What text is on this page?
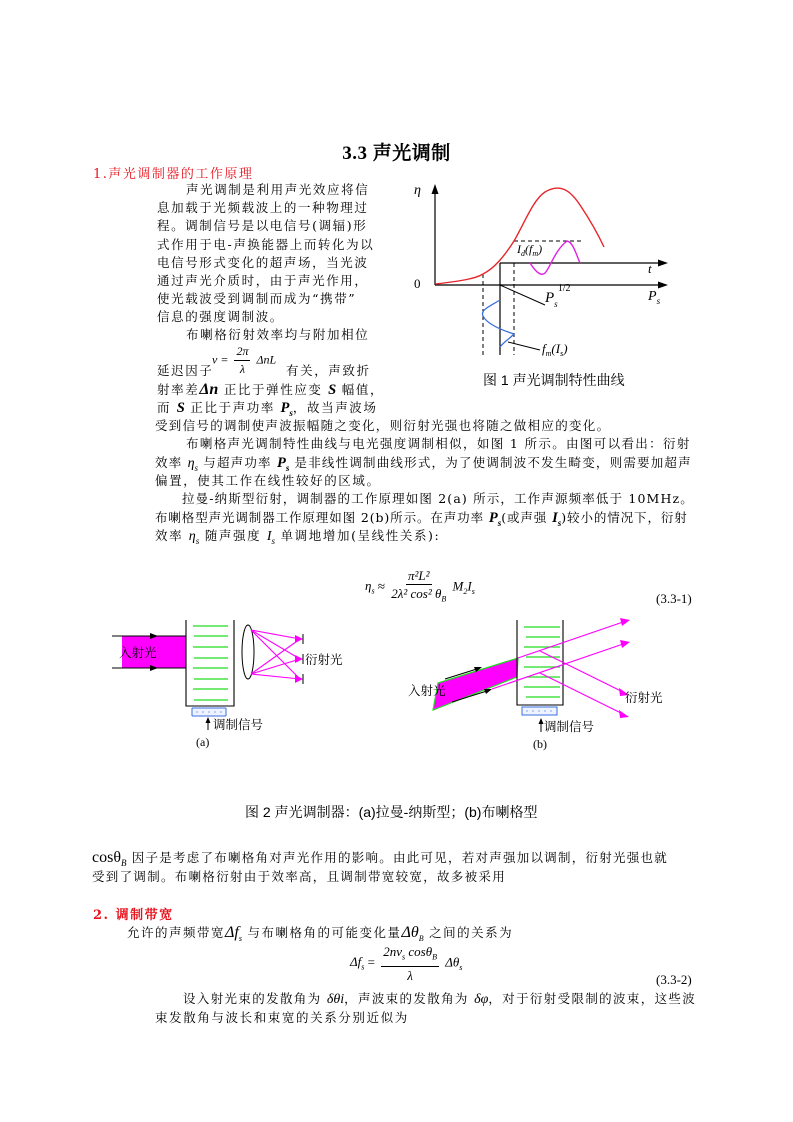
3.3 声光调制
1.声光调制器的工作原理
声光调制是利用声光效应将信
息加载于光频载波上的一种物理过
程。调制信号是以电信号(调辐)形
式作用于电-声换能器上而转化为以
电信号形式变化的超声场，当光波
通过声光介质时，由于声光作用，
使光载波受到调制而成为“携带”
信息的强度调制波。
布喇格衍射效率均与附加相位
延迟因子
$v = \frac{2\pi}{\lambda}$ ΔnL
有关，声致折
射率差Δn 正比于弹性应变 S 幅值，
而 S 正比于声功率 $P_s$，故当声波场
受到信号的调制使声波振幅随之变化，则衍射光强也将随之做相应的变化。
布喇格声光调制特性曲线与电光强度调制相似，如图 1 所示。由图可以看出：衍射
效率 $\eta_s$ 与超声功率 $P_s$ 是非线性调制曲线形式，为了使调制波不发生畸变，则需要加超声
偏置，使其工作在线性较好的区域。
拉曼-纳斯型衍射，调制器的工作原理如图 2(a) 所示，工作声源频率低于 10MHz。
布喇格型声光调制器工作原理如图 2(b)所示。在声功率 $P_s$(或声强 $I_s$)较小的情况下，衍射
效率 $\eta_s$ 随声强度 $I_s$ 单调地增加(呈线性关系):
$\eta_s \approx \frac{\text{π²L²}}{2\lambda^2 \cos^2 \theta_B} M_2I_s$	(3.3-1)
η
0
t
$P_s$
$I_d(f_m)$
$P_s^{1/2}$
$f_m(I_s)$
图 1 声光调制特性曲线
入射光
调制信号
(a)
衍射光
入射光	衍射光
调制信号
(b)
图 2 声光调制器：(a)拉曼-纳斯型；(b)布喇格型
cosθ$_B$ 因子是考虑了布喇格角对声光作用的影响。由此可见，若对声强加以调制，衍射光强也就
受到了调制。布喇格衍射由于效率高，且调制带宽较宽，故多被采用
2. 调制带宽
允许的声频带宽$\Delta f_s$ 与布喇格角的可能变化量$\Delta\theta_B$ 之间的关系为
$\Delta f_s = \frac{2nv_s \cos\theta_B}{\lambda} \Delta\theta_s$
(3.3-2)
设入射光束的发散角为 δθi，声波束的发散角为 δφ，对于衍射受限制的波束，这些波
束发散角与波长和束宽的关系分别近似为
